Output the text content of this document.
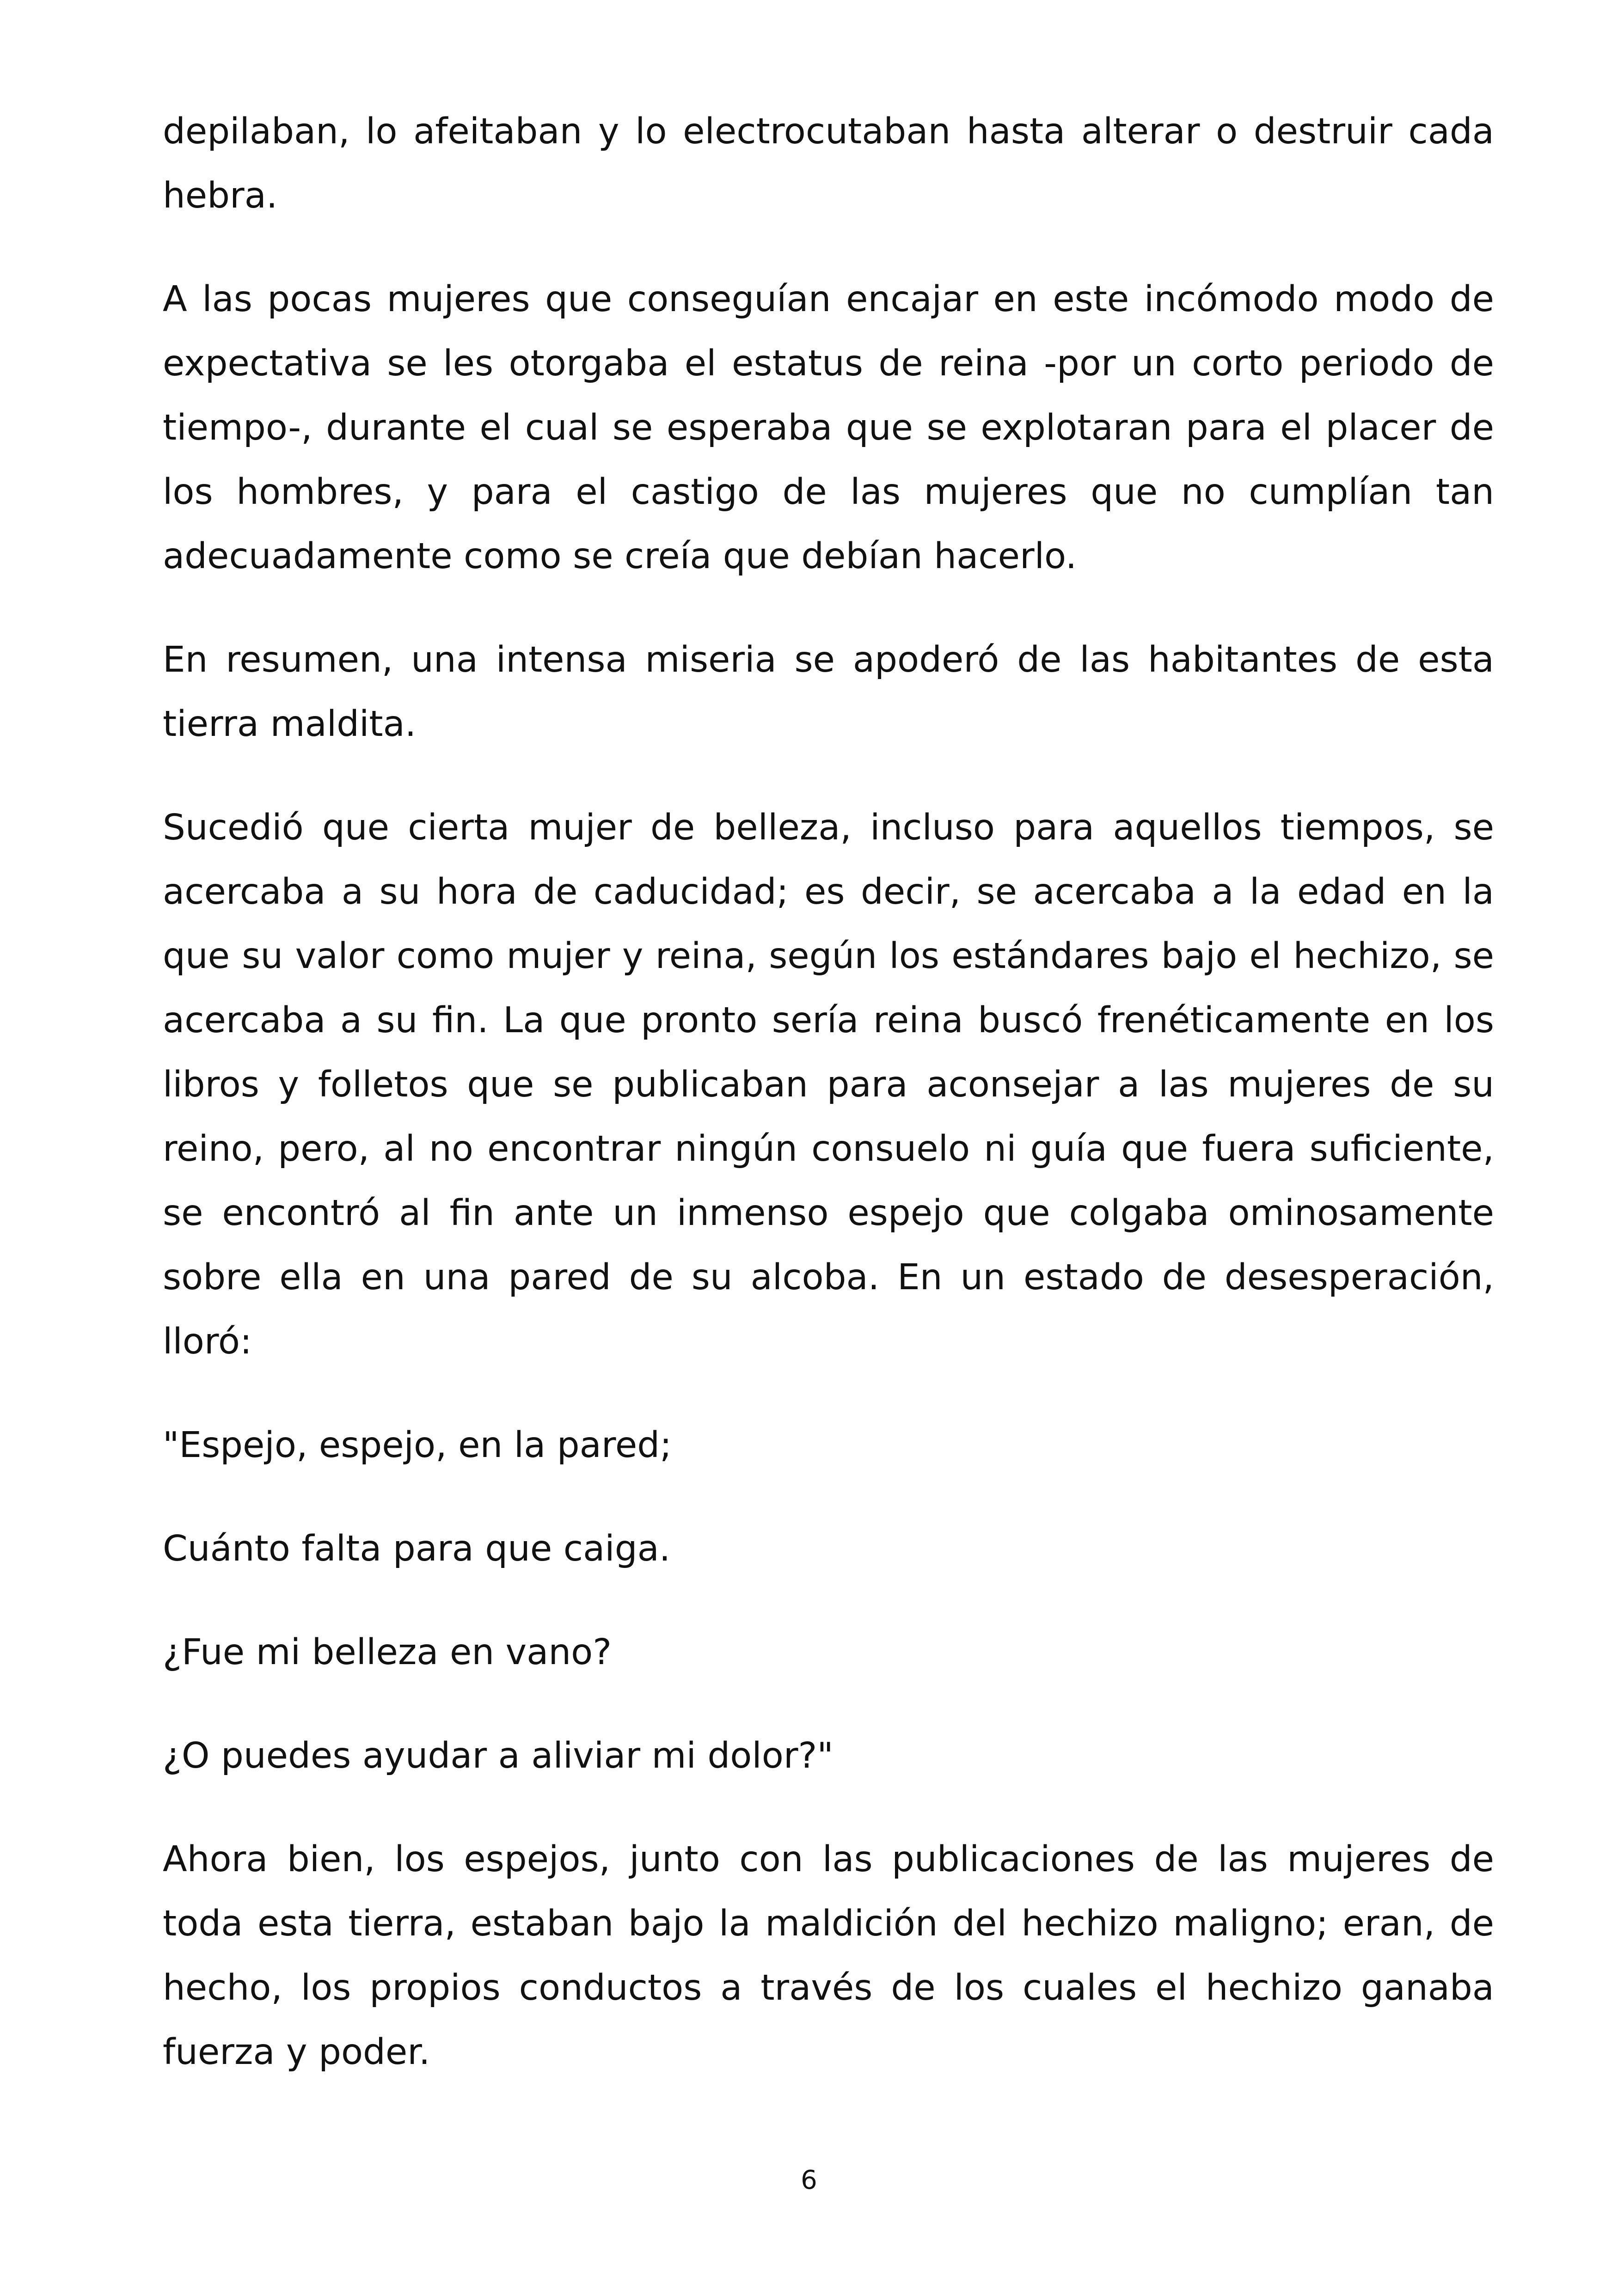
depilaban, lo afeitaban y lo electrocutaban hasta alterar o destruir cada hebra.

A las pocas mujeres que conseguían encajar en este incómodo modo de expectativa se les otorgaba el estatus de reina -por un corto periodo de tiempo-, durante el cual se esperaba que se explotaran para el placer de los hombres, y para el castigo de las mujeres que no cumplían tan adecuadamente como se creía que debían hacerlo.

En resumen, una intensa miseria se apoderó de las habitantes de esta tierra maldita.

Sucedió que cierta mujer de belleza, incluso para aquellos tiempos, se acercaba a su hora de caducidad; es decir, se acercaba a la edad en la que su valor como mujer y reina, según los estándares bajo el hechizo, se acercaba a su fin. La que pronto sería reina buscó frenéticamente en los libros y folletos que se publicaban para aconsejar a las mujeres de su reino, pero, al no encontrar ningún consuelo ni guía que fuera suficiente, se encontró al fin ante un inmenso espejo que colgaba ominosamente sobre ella en una pared de su alcoba. En un estado de desesperación, lloró:

"Espejo, espejo, en la pared;

Cuánto falta para que caiga.

¿Fue mi belleza en vano?

¿O puedes ayudar a aliviar mi dolor?"

Ahora bien, los espejos, junto con las publicaciones de las mujeres de toda esta tierra, estaban bajo la maldición del hechizo maligno; eran, de hecho, los propios conductos a través de los cuales el hechizo ganaba fuerza y poder.

6
